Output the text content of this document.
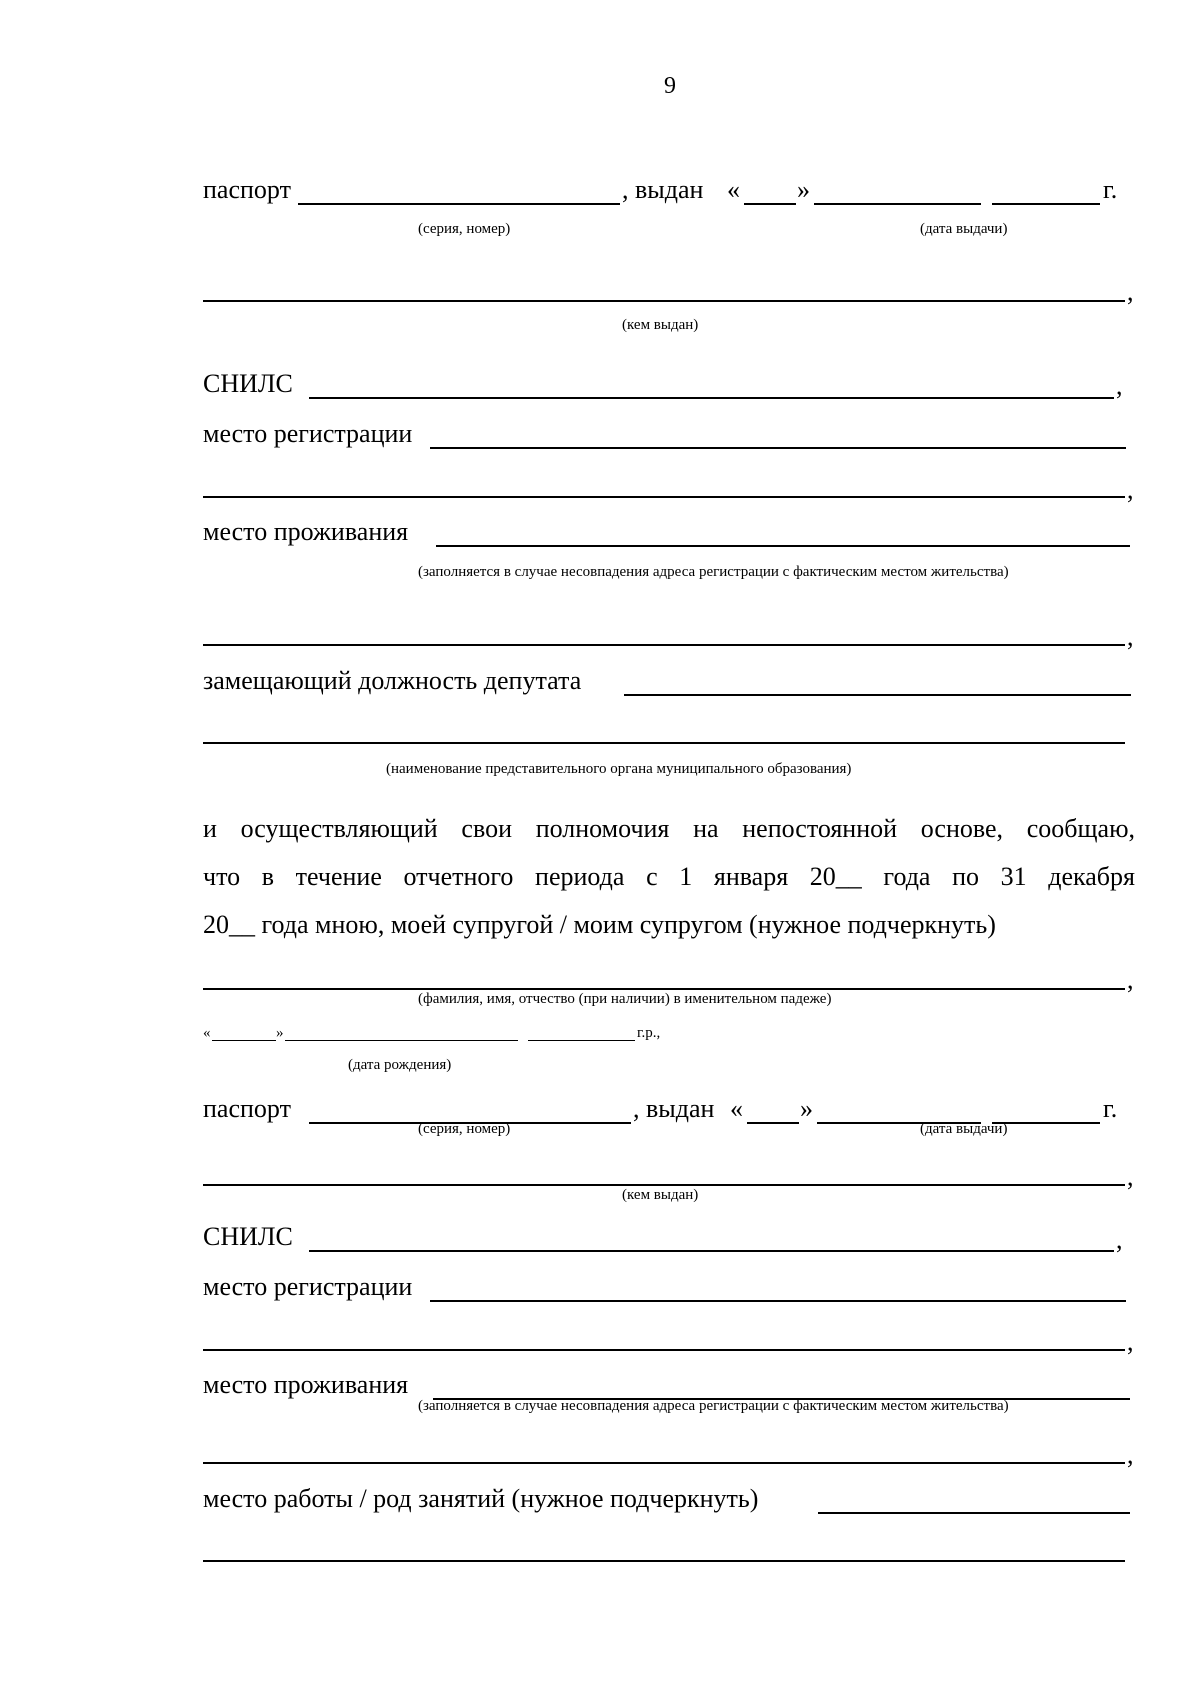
9
паспорт	, выдан « »	г.
(серия, номер)	(дата выдачи)
,
(кем выдан)
СНИЛС	,
место регистрации
,
место проживания
(заполняется в случае несовпадения адреса регистрации с фактическим местом жительства)
,
замещающий должность депутата
(наименование представительного органа муниципального образования)
и осуществляющий свои полномочия на непостоянной основе, сообщаю,
что в течение отчетного периода с 1 января 20__ года по 31 декабря
20__ года мною, моей супругой / моим супругом (нужное подчеркнуть)
,
(фамилия, имя, отчество (при наличии) в именительном падеже)
«	»	г.р.,
(дата рождения)
паспорт	, выдан « »	г.
(серия, номер)	(дата выдачи)
,
(кем выдан)
СНИЛС	,
место регистрации
,
место проживания
(заполняется в случае несовпадения адреса регистрации с фактическим местом жительства)
,
место работы / род занятий (нужное подчеркнуть)
